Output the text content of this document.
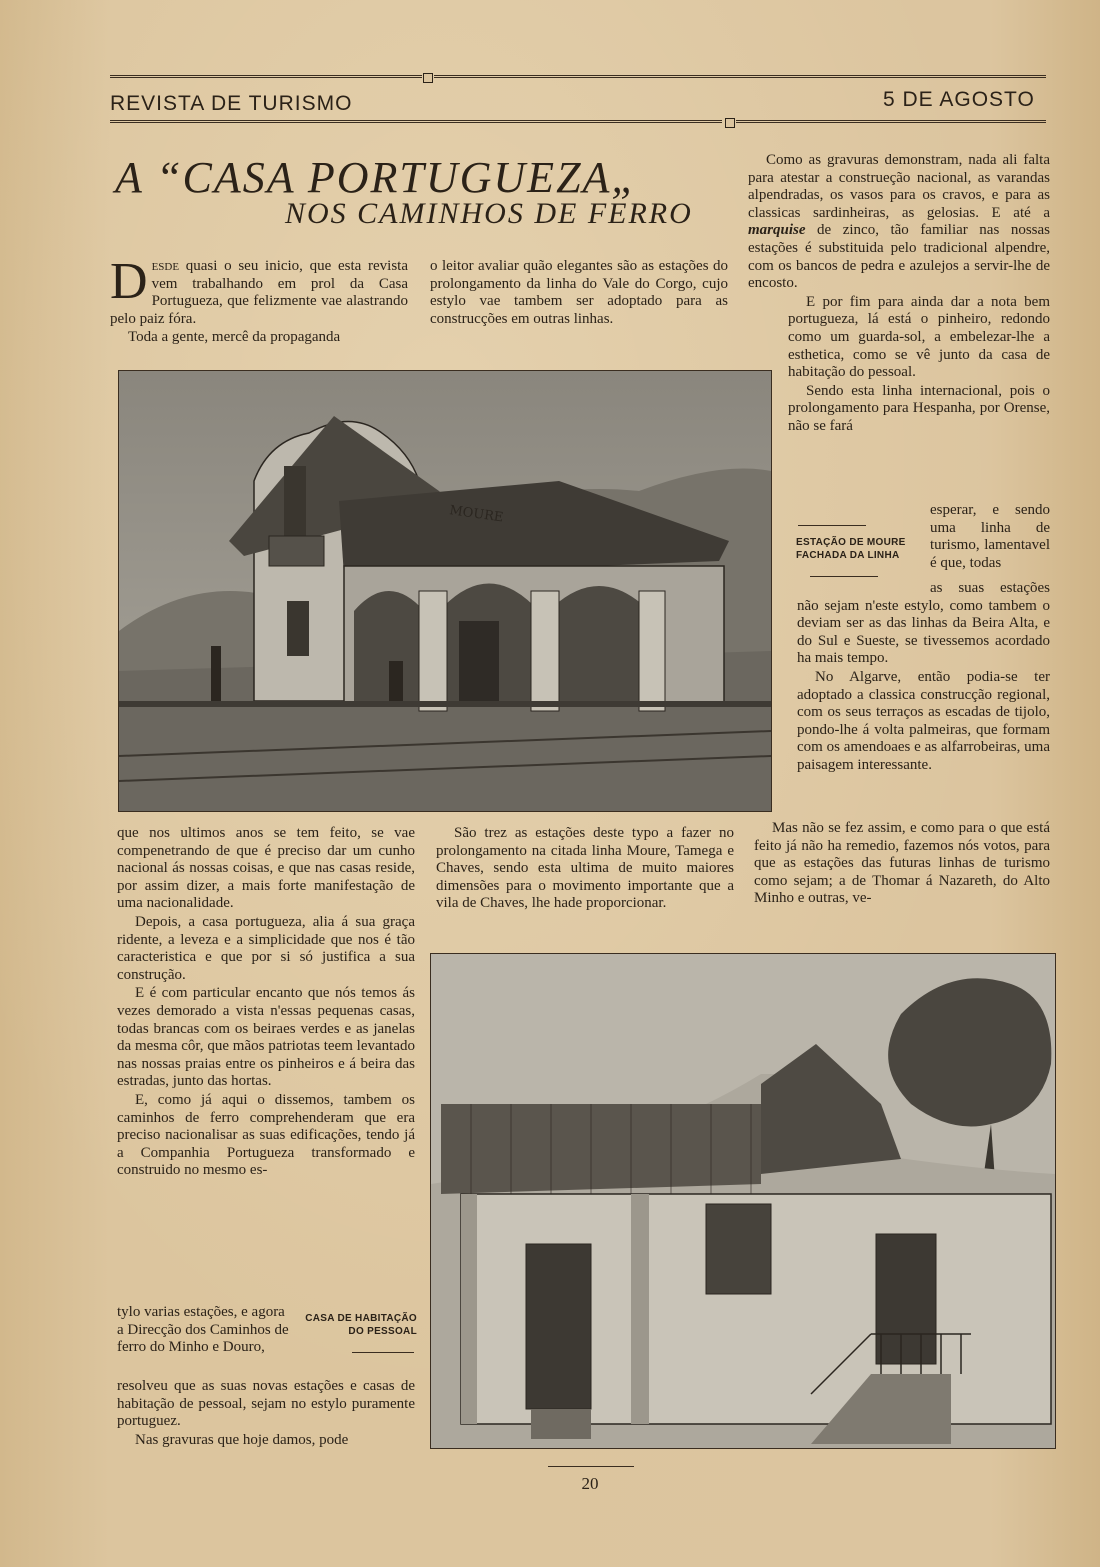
REVISTA DE TURISMO	5 DE AGOSTO
A “CASA PORTUGUEZA„
NOS CAMINHOS DE FERRO

Desde quasi o seu inicio, que esta revista vem trabalhando em prol da Casa Portugueza, que felizmente vae alastrando pelo paiz fóra.

Toda a gente, mercê da propaganda

o leitor avaliar quão elegantes são as estações do prolongamento da linha do Vale do Corgo, cujo estylo vae tambem ser adoptado para as construcções em outras linhas.

Como as gravuras demonstram, nada ali falta para atestar a construeção nacional, as varandas alpendradas, os vasos para os cravos, e para as classicas sardinheiras, as gelosias. E até a marquise de zinco, tão familiar nas nossas estações é substituida pelo tradicional alpendre, com os bancos de pedra e azulejos a servir-lhe de encosto.

E por fim para ainda dar a nota bem portugueza, lá está o pinheiro, redondo como um guarda-sol, a embelezar-lhe a esthetica, como se vê junto da casa de habitação do pessoal.

Sendo esta linha internacional, pois o prolongamento para Hespanha, por Orense, não se fará

esperar, e sendo uma linha de turismo, lamentavel é que, todas

ESTAÇÃO DE MOURE
FACHADA DA LINHA

as suas estações não sejam n'este estylo, como tambem o deviam ser as das linhas da Beira Alta, e do Sul e Sueste, se tivessemos acordado ha mais tempo.

No Algarve, então podia-se ter adoptado a classica construcção regional, com os seus terraços as escadas de tijolo, pondo-lhe á volta palmeiras, que formam com os amendoaes e as alfarrobeiras, uma paisagem interessante.

Mas não se fez assim, e como para o que está feito já não ha remedio, fazemos nós votos, para que as estações das futuras linhas de turismo como sejam; a de Thomar á Nazareth, do Alto Minho e outras, ve-

MOURE

que nos ultimos anos se tem feito, se vae compenetrando de que é preciso dar um cunho nacional ás nossas coisas, e que nas casas reside, por assim dizer, a mais forte manifestação de uma nacionalidade.

Depois, a casa portugueza, alia á sua graça ridente, a leveza e a simplicidade que nos é tão caracteristica e que por si só justifica a sua construção.

E é com particular encanto que nós temos ás vezes demorado a vista n'essas pequenas casas, todas brancas com os beiraes verdes e as janelas da mesma côr, que mãos patriotas teem levantado nas nossas praias entre os pinheiros e á beira das estradas, junto das hortas.

E, como já aqui o dissemos, tambem os caminhos de ferro comprehenderam que era preciso nacionalisar as suas edificações, tendo já a Companhia Portugueza transformado e construido no mesmo es-

tylo varias estações, e agora a Direcção dos Caminhos de ferro do Minho e Douro,

CASA DE HABITAÇÃO
DO PESSOAL

resolveu que as suas novas estações e casas de habitação de pessoal, sejam no estylo puramente portuguez.

Nas gravuras que hoje damos, pode

São trez as estações deste typo a fazer no prolongamento na citada linha Moure, Tamega e Chaves, sendo esta ultima de muito maiores dimensões para o movimento importante que a vila de Chaves, lhe hade proporcionar.

20
